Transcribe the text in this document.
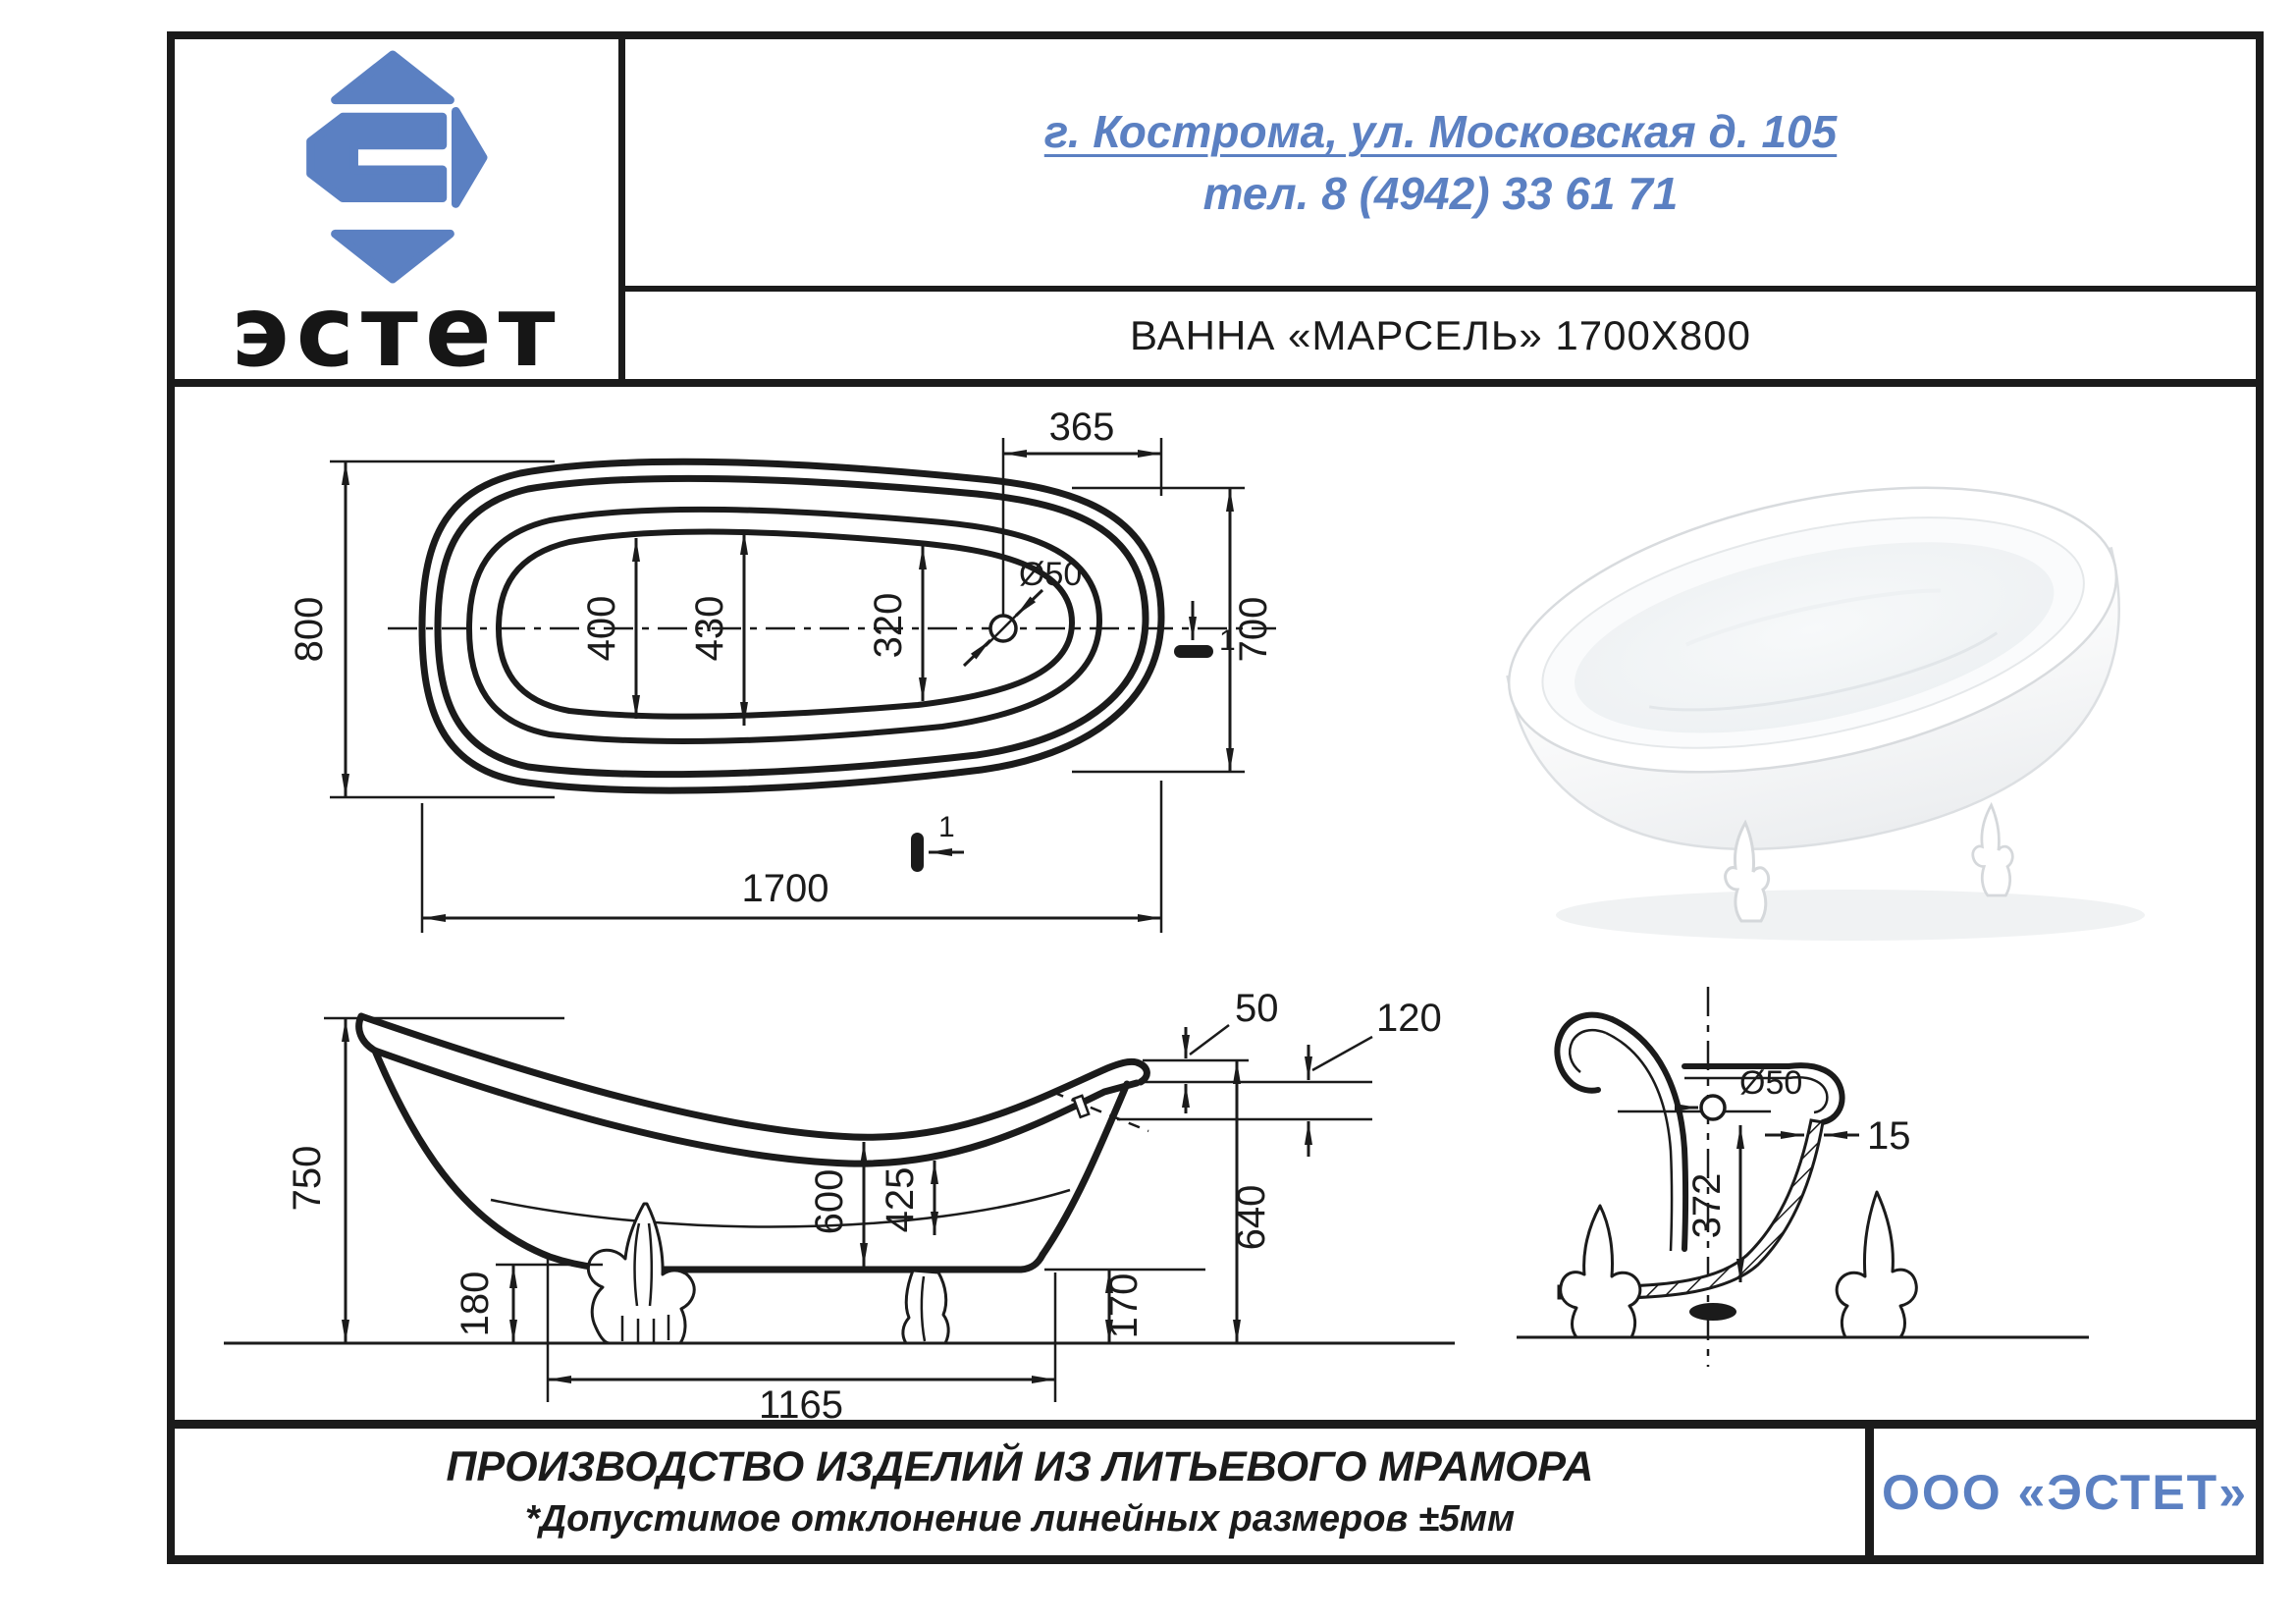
эстет
г. Кострома, ул. Московская д. 105
тел. 8 (4942) 33 61 71
ВАННА «МАРСЕЛЬ» 1700Х800
Ø50
365
800	700
400 430	320
1700
1
1
750
50 120
600 425	640
180	170
1165
Ø50
372
15
ПРОИЗВОДСТВО ИЗДЕЛИЙ ИЗ ЛИТЬЕВОГО МРАМОРА
*Допустимое отклонение линейных размеров ±5мм	ООО «ЭСТЕТ»
